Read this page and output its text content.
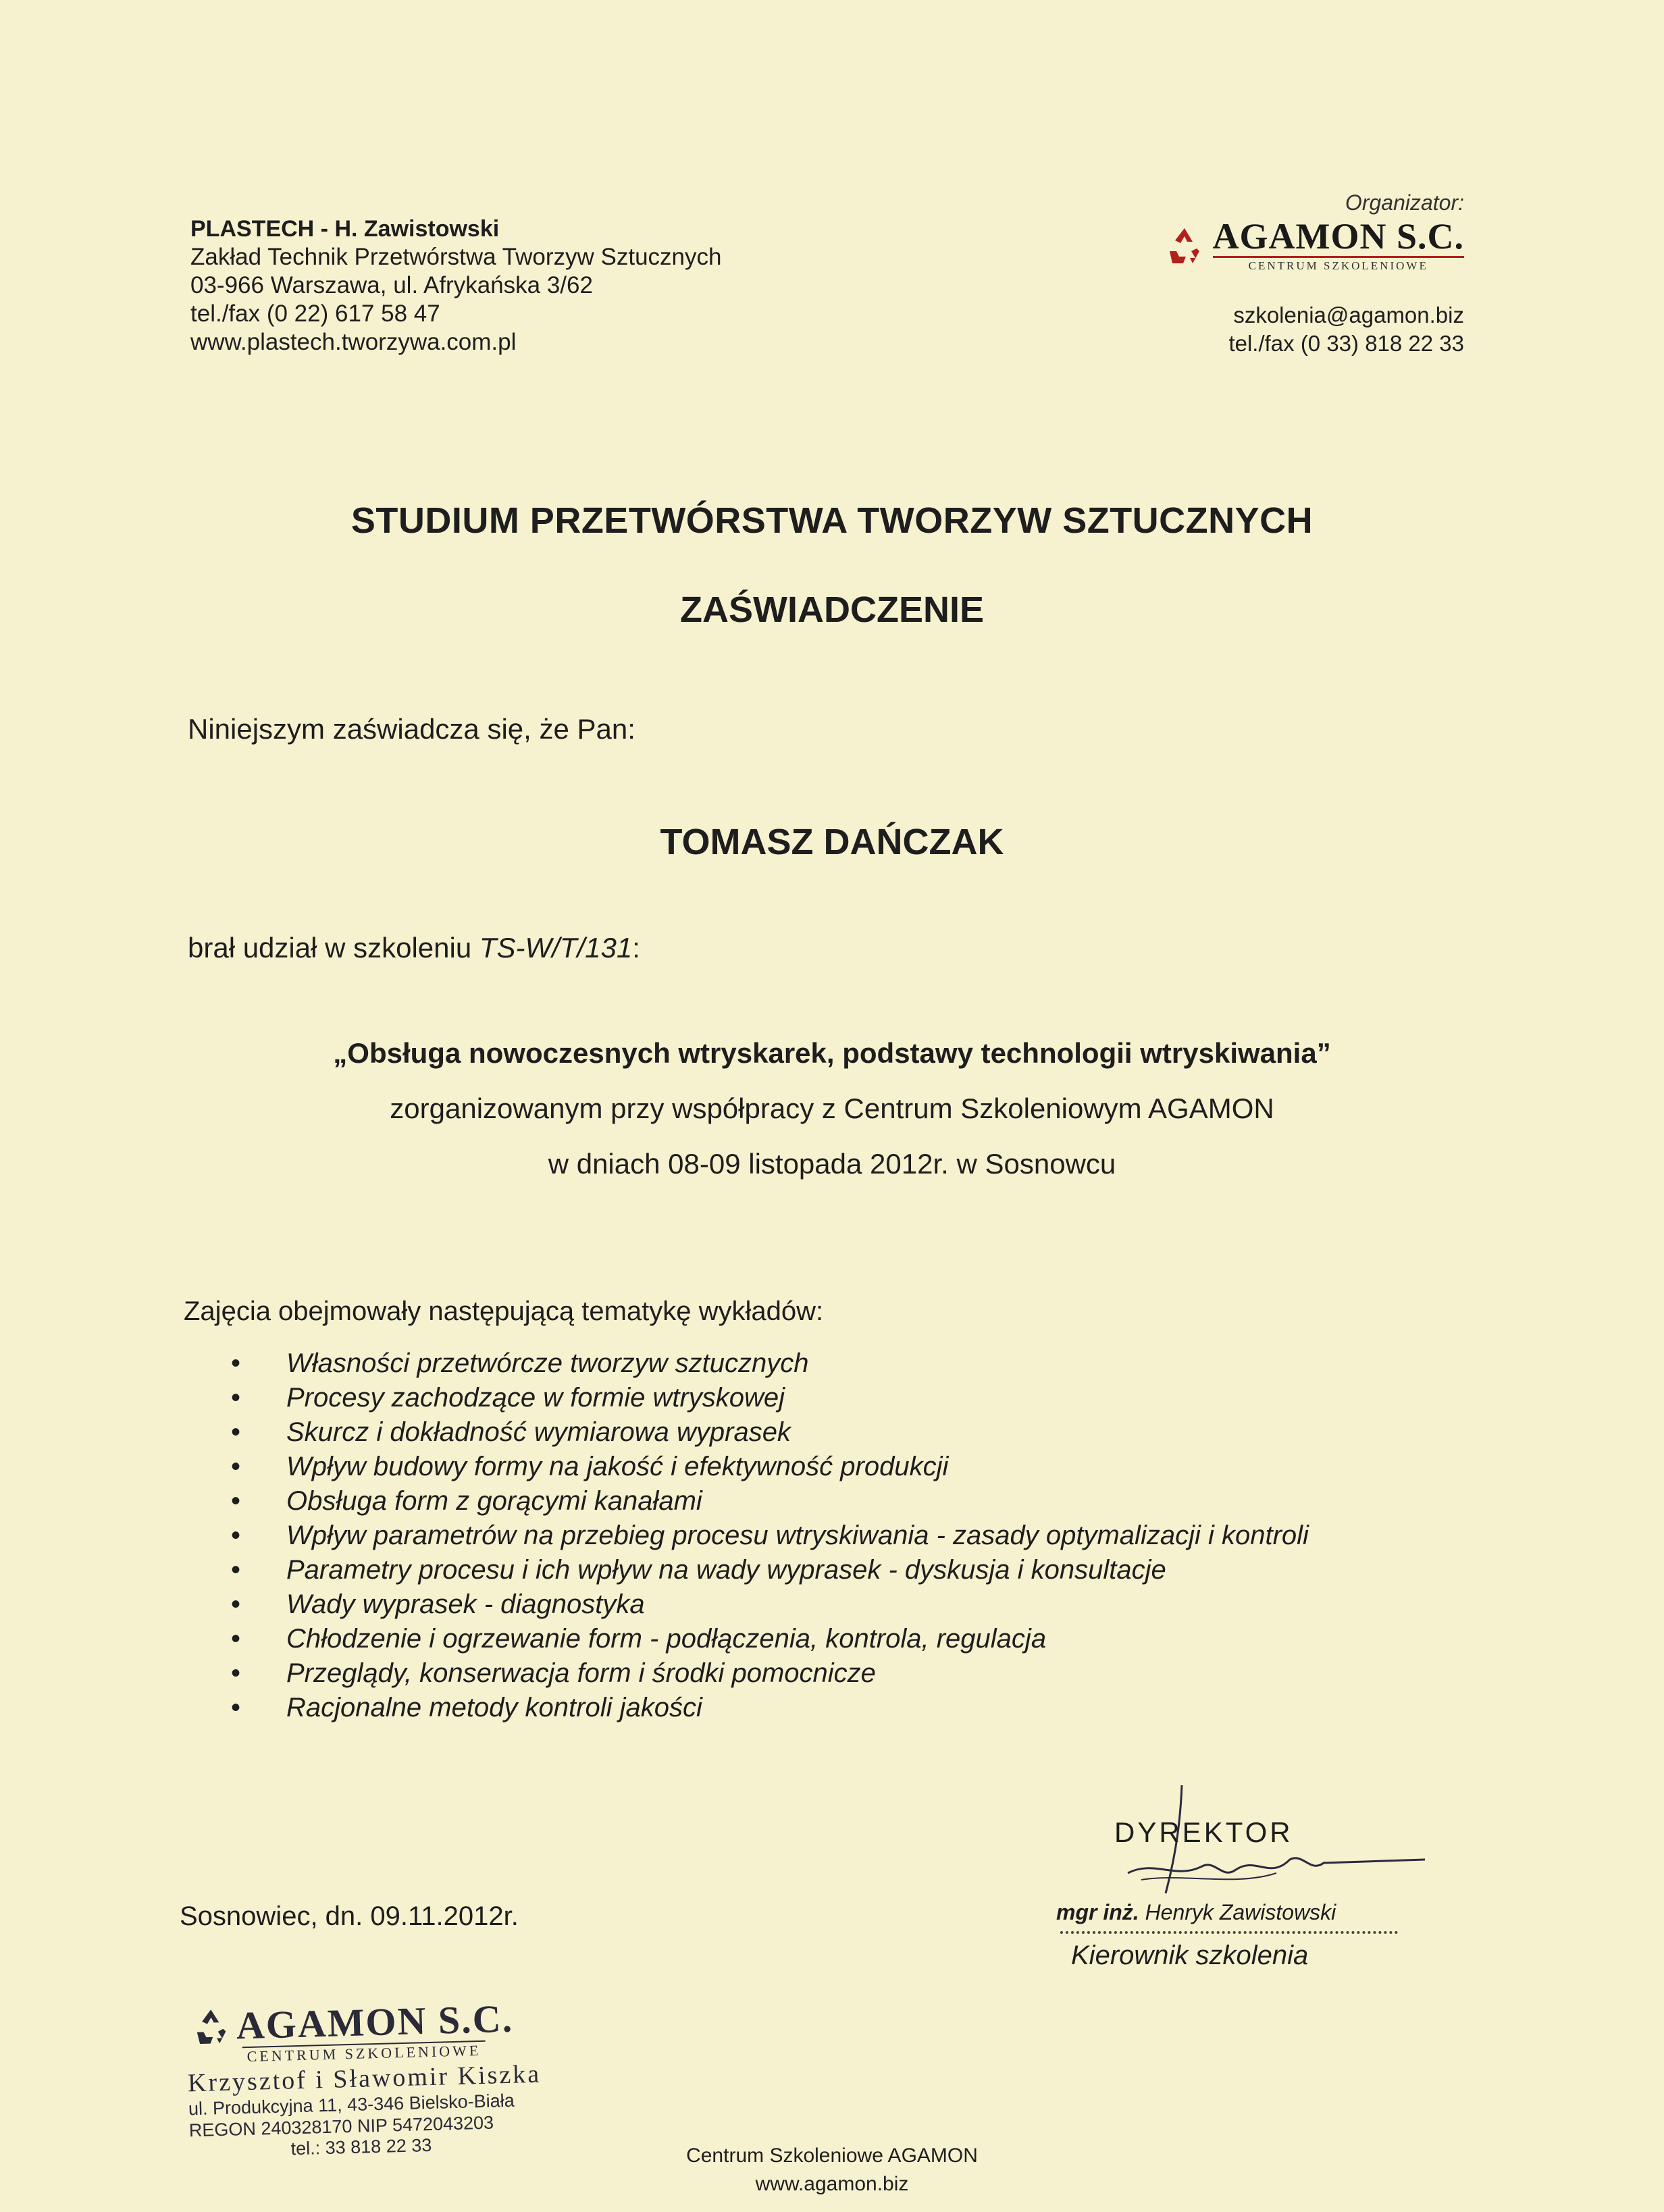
PLASTECH - H. Zawistowski
Zakład Technik Przetwórstwa Tworzyw Sztucznych
03-966 Warszawa, ul. Afrykańska 3/62
tel./fax (0 22) 617 58 47
www.plastech.tworzywa.com.pl
Organizator:
AGAMON S.C.
CENTRUM SZKOLENIOWE
szkolenia@agamon.biz
tel./fax (0 33) 818 22 33
STUDIUM PRZETWÓRSTWA TWORZYW SZTUCZNYCH
ZAŚWIADCZENIE
Niniejszym zaświadcza się, że Pan:
TOMASZ DAŃCZAK
brał udział w szkoleniu TS-W/T/131:
„Obsługa nowoczesnych wtryskarek, podstawy technologii wtryskiwania”
zorganizowanym przy współpracy z Centrum Szkoleniowym AGAMON
w dniach 08-09 listopada 2012r. w Sosnowcu
Zajęcia obejmowały następującą tematykę wykładów:
• Własności przetwórcze tworzyw sztucznych
• Procesy zachodzące w formie wtryskowej
• Skurcz i dokładność wymiarowa wyprasek
• Wpływ budowy formy na jakość i efektywność produkcji
• Obsługa form z gorącymi kanałami
• Wpływ parametrów na przebieg procesu wtryskiwania - zasady optymalizacji i kontroli
• Parametry procesu i ich wpływ na wady wyprasek - dyskusja i konsultacje
• Wady wyprasek - diagnostyka
• Chłodzenie i ogrzewanie form - podłączenia, kontrola, regulacja
• Przeglądy, konserwacja form i środki pomocnicze
• Racjonalne metody kontroli jakości
DYREKTOR
mgr inż. Henryk Zawistowski
Kierownik szkolenia
Sosnowiec, dn. 09.11.2012r.
AGAMON S.C.
CENTRUM SZKOLENIOWE
Krzysztof i Sławomir Kiszka
ul. Produkcyjna 11, 43-346 Bielsko-Biała
REGON 240328170 NIP 5472043203
tel.: 33 818 22 33	Centrum Szkoleniowe AGAMON
www.agamon.biz
